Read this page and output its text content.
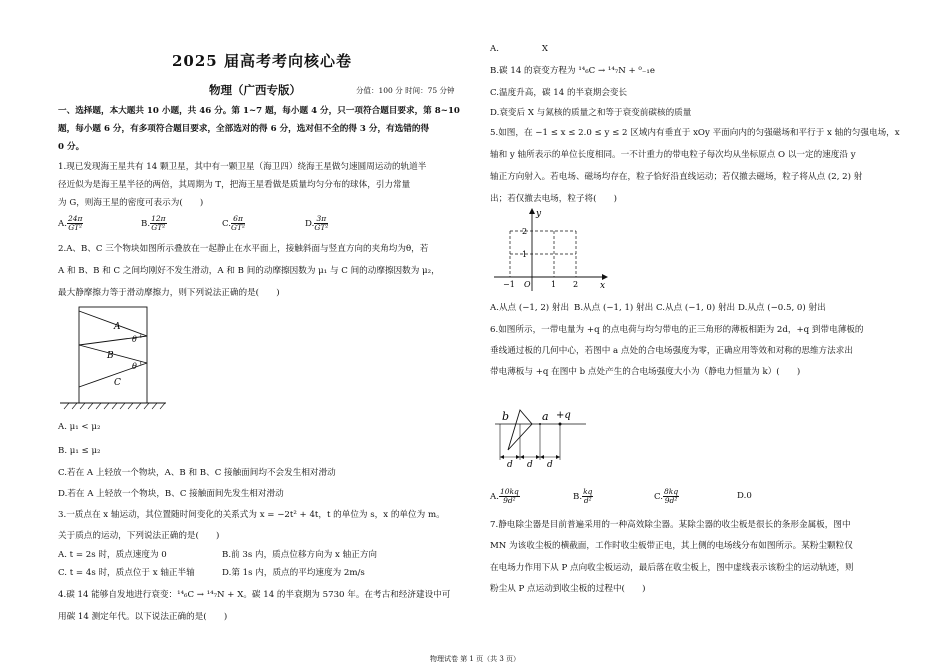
2025 届高考考向核心卷
物理（广西专版）	分值：100 分 时间：75 分钟
一、选择题，本大题共 10 小题，共 46 分。第 1~7 题，每小题 4 分，只一项符合题目要求，第 8~10
题，每小题 6 分，有多项符合题目要求，全部选对的得 6 分，选对但不全的得 3 分，有选错的得
0 分。
1.现已发现海王星共有 14 颗卫星，其中有一颗卫星（海卫四）绕海王星做匀速圆周运动的轨道半
径近似为是海王星半径的两倍，其周期为 T，把海王星看做是质量均匀分布的球体，引力常量
为 G，则海王星的密度可表示为(　　)
A. $\frac{24\pi}{\text{GT²}}$	B. $\frac{12\pi}{\text{GT²}}$	C. $\frac{6\pi}{\text{GT²}}$	D. $\frac{3\pi}{\text{GT²}}$
2.A、B、C 三个物块如图所示叠放在一起静止在水平面上，接触斜面与竖直方向的夹角均为θ，若
A 和 B、B 和 C 之间均刚好不发生滑动，A 和 B 间的动摩擦因数为 μ₁ 与 C 间的动摩擦因数为 μ₂，
最大静摩擦力等于滑动摩擦力，则下列说法正确的是(　　)
A
B
C
θ
θ
A. μ₁ < μ₂
B. μ₁ ≤ μ₂
C.若在 A 上轻放一个物块，A、B 和 B、C 接触面间均不会发生相对滑动
D.若在 A 上轻放一个物块，B、C 接触面间先发生相对滑动
3.一质点在 x 轴运动，其位置随时间变化的关系式为 x = −2t² + 4t，t 的单位为 s，x 的单位为 m。
关于质点的运动，下列说法正确的是(　　)
A. t = 2s 时，质点速度为 0	B.前 3s 内，质点位移方向为 x 轴正方向
C. t = 4s 时，质点位于 x 轴正半轴	D.第 1s 内，质点的平均速度为 2m/s
4.碳 14 能够自发地进行衰变：¹⁴₆C → ¹⁴₇N + X。碳 14 的半衰期为 5730 年。在考古和经济建设中可
用碳 14 测定年代。以下说法正确的是(　　)
A.　　　　　X
B.碳 14 的衰变方程为 ¹⁴₆C → ¹⁴₇N + ⁰₋₁e
C.温度升高，碳 14 的半衰期会变长
D.衰变后 X 与氮核的质量之和等于衰变前碳核的质量
5.如图，在 −1 ≤ x ≤ 2.0 ≤ y ≤ 2 区域内有垂直于 xOy 平面向内的匀强磁场和平行于 x 轴的匀强电场，x
轴和 y 轴所表示的单位长度相同。一不计重力的带电粒子每次均从坐标原点 O 以一定的速度沿 y
轴正方向射入。若电场、磁场均存在，粒子恰好沿直线运动；若仅撤去磁场，粒子将从点 (2, 2) 射
出；若仅撤去电场，粒子将(　　)
y
x
O
2
1
−1	1 2
A.从点 (−1, 2) 射出 B.从点 (−1, 1) 射出 C.从点 (−1, 0) 射出 D.从点 (−0.5, 0) 射出
6.如图所示，一带电量为 +q 的点电荷与均匀带电的正三角形的薄板相距为 2d，+q 到带电薄板的
垂线通过板的几何中心，若图中 a 点处的合电场强度为零，正确应用等效和对称的思维方法求出
带电薄板与 +q 在图中 b 点处产生的合电场强度大小为（静电力恒量为 k）(　　)
b	a +q
d d d
A. $\frac{10kq}{\text{9d²}}$	B. $\frac{kq}{\text{d²}}$	C. $\frac{8kq}{\text{9d²}}$	D.0
7.静电除尘器是目前普遍采用的一种高效除尘器。某除尘器的收尘板是很长的条形金属板，图中
MN 为该收尘板的横截面，工作时收尘板带正电，其上侧的电场线分布如图所示。某粉尘颗粒仅
在电场力作用下从 P 点向收尘板运动，最后落在收尘板上，图中虚线表示该粉尘的运动轨迹，则
粉尘从 P 点运动到收尘板的过程中(　　)
物理试卷 第 1 页（共 3 页）
